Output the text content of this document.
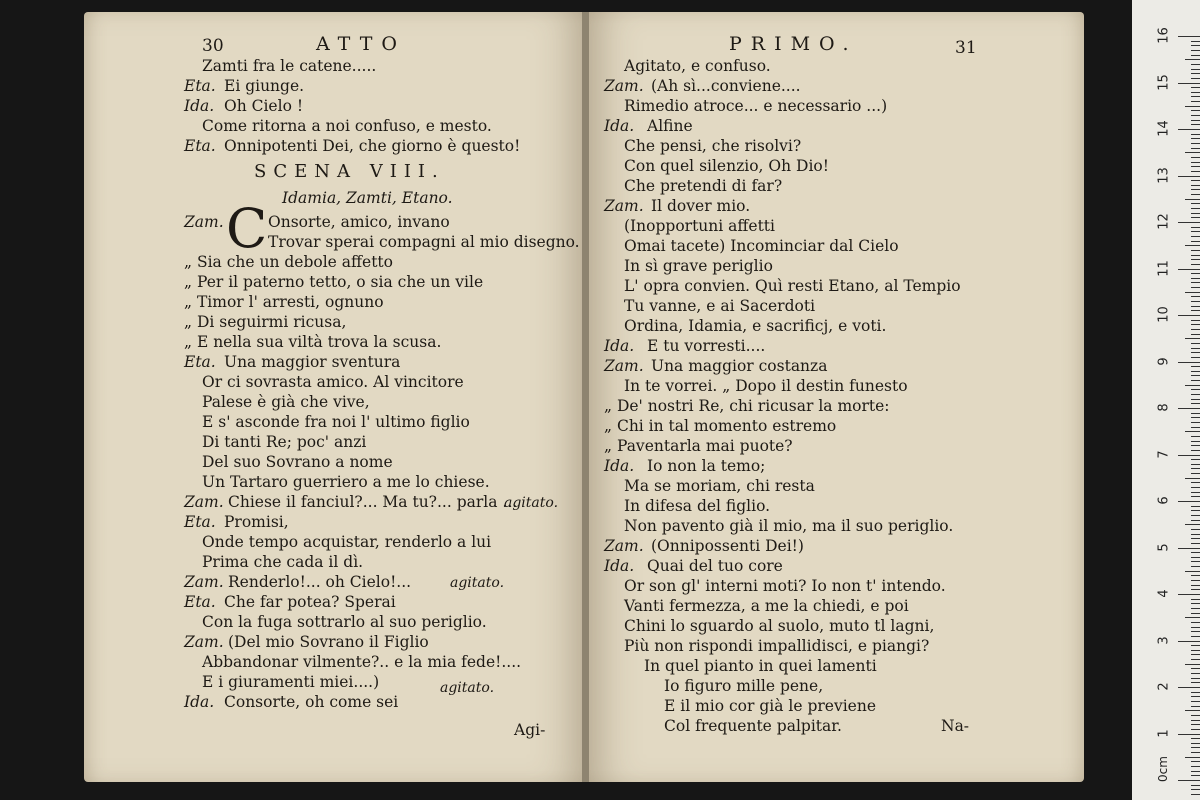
30	ATTO
Zamti fra le catene.....
Eta. Ei giunge.
Ida. Oh Cielo !
Come ritorna a noi confuso, e mesto.
Eta. Onnipotenti Dei, che giorno è questo!
SCENA VIII.
Idamia, Zamti, Etano.
Zam. C Onsorte, amico, invano
Trovar sperai compagni al mio disegno.
„ Sia che un debole affetto
„ Per il paterno tetto, o sia che un vile
„ Timor l' arresti, ognuno
„ Di seguirmi ricusa,
„ E nella sua viltà trova la scusa.
Eta. Una maggior sventura
Or ci sovrasta amico. Al vincitore
Palese è già che vive,
E s' asconde fra noi l' ultimo figlio
Di tanti Re; poc' anzi
Del suo Sovrano a nome
Un Tartaro guerriero a me lo chiese.
Zam. Chiese il fanciul?... Ma tu?... parla ...
agitato.
Eta. Promisi,
Onde tempo acquistar, renderlo a lui
Prima che cada il dì.
Zam. Renderlo!... oh Cielo!...	agitato.
Eta. Che far potea? Sperai
Con la fuga sottrarlo al suo periglio.
Zam. (Del mio Sovrano il Figlio
Abbandonar vilmente?.. e la mia fede!....
E i giuramenti miei....)	agitato.
Ida. Consorte, oh come sei
Agi-
PRIMO.	31
Agitato, e confuso.
Zam. (Ah sì...conviene....
Rimedio atroce... e necessario ...)
Ida. Alfine
Che pensi, che risolvi?
Con quel silenzio, Oh Dio!
Che pretendi di far?
Zam. Il dover mio.
(Inopportuni affetti
Omai tacete) Incominciar dal Cielo
In sì grave periglio
L' opra convien. Quì resti Etano, al Tempio
Tu vanne, e ai Sacerdoti
Ordina, Idamia, e sacrificj, e voti.
Ida. E tu vorresti....
Zam. Una maggior costanza
In te vorrei. „ Dopo il destin funesto
„ De' nostri Re, chi ricusar la morte:
„ Chi in tal momento estremo
„ Paventarla mai puote?
Ida. Io non la temo;
Ma se moriam, chi resta
In difesa del figlio.
Non pavento già il mio, ma il suo periglio.
Zam. (Onnipossenti Dei!)
Ida. Quai del tuo core
Or son gl' interni moti? Io non t' intendo.
Vanti fermezza, a me la chiedi, e poi
Chini lo sguardo al suolo, muto tl lagni,
Più non rispondi impallidisci, e piangi?
In quel pianto in quei lamenti
Io figuro mille pene,
E il mio cor già le previene
Col frequente palpitar.	Na-
16
15
14
13
12
11
10
9
8
7
6
5
4
3
2
1
0cm
